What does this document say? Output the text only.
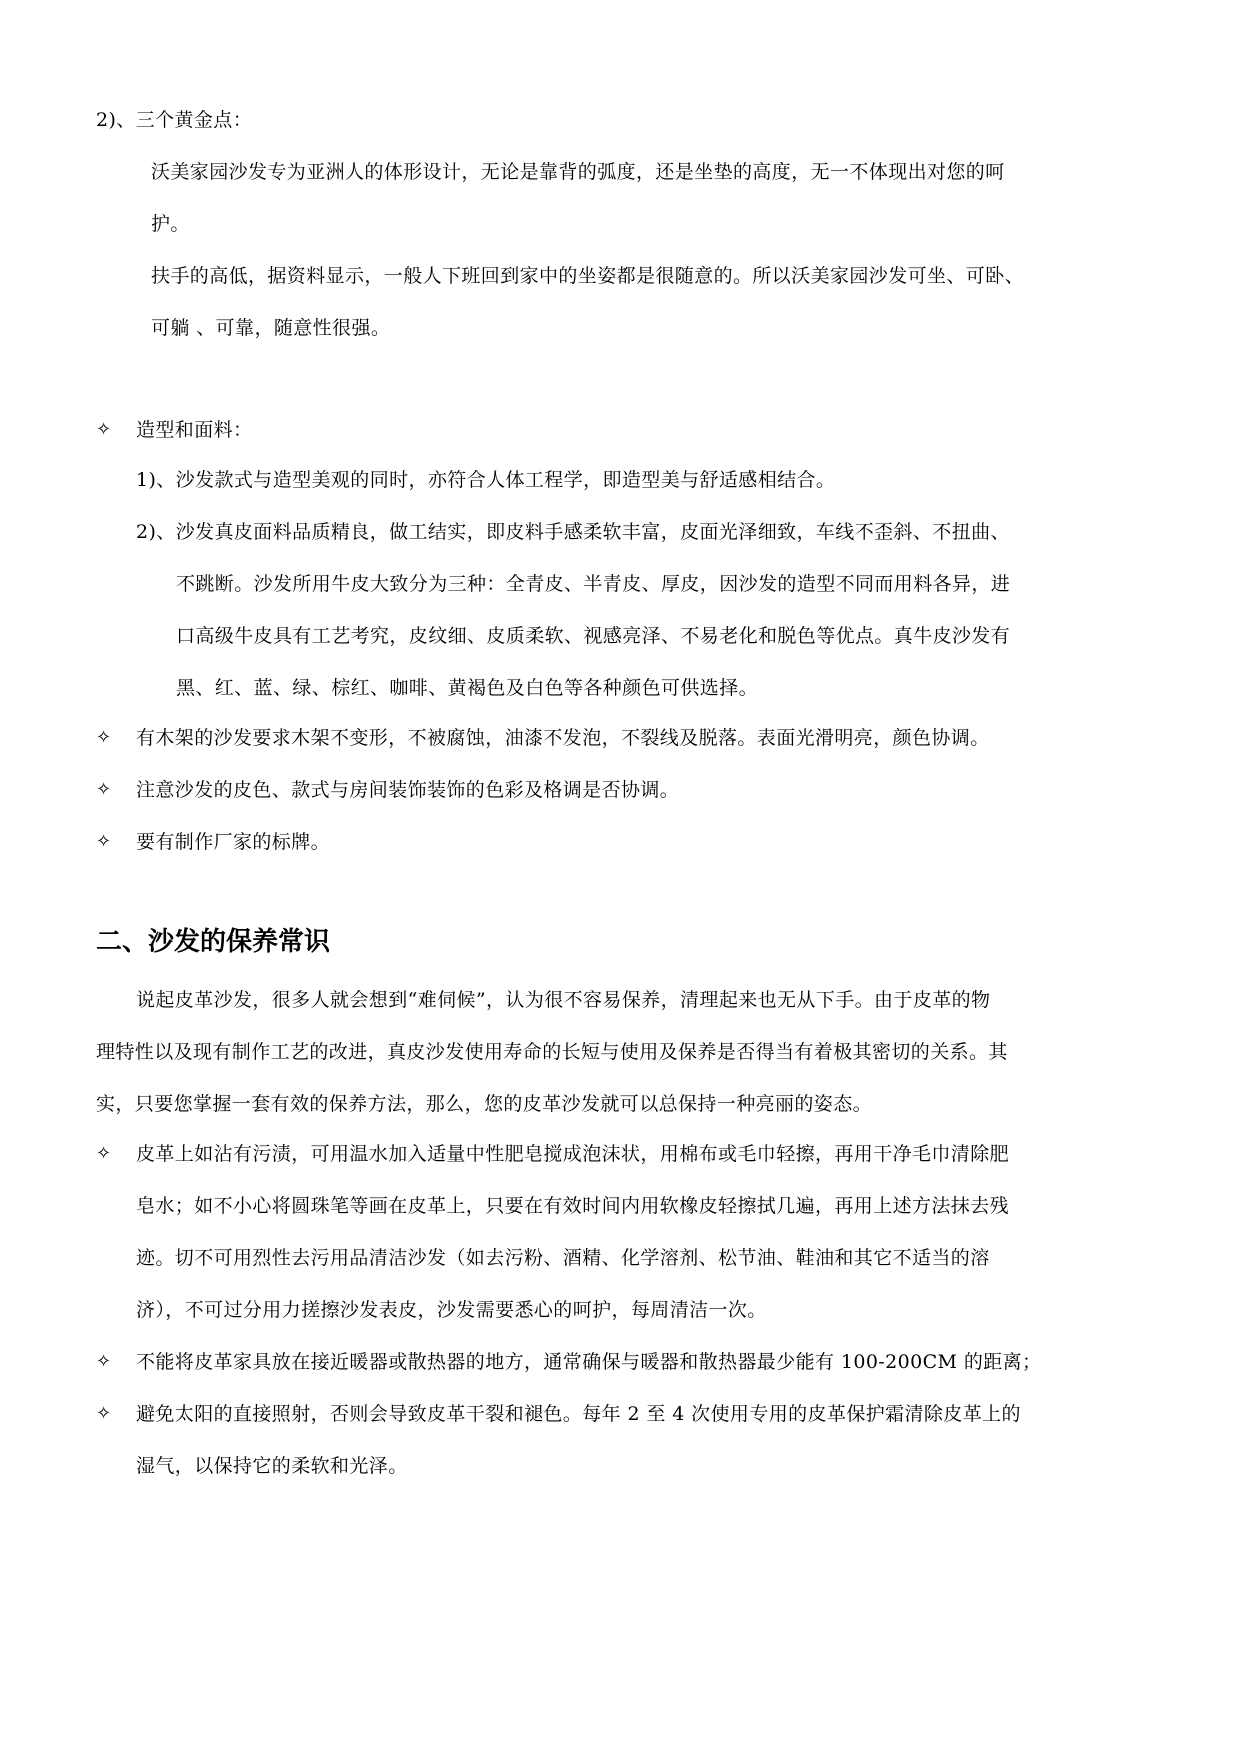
2)、三个黄金点：
沃美家园沙发专为亚洲人的体形设计，无论是靠背的弧度，还是坐垫的高度，无一不体现出对您的呵
护。
扶手的高低，据资料显示，一般人下班回到家中的坐姿都是很随意的。所以沃美家园沙发可坐、可卧、
可躺 、可靠，随意性很强。
✧ 造型和面料：
1)、沙发款式与造型美观的同时，亦符合人体工程学，即造型美与舒适感相结合。
2)、沙发真皮面料品质精良，做工结实，即皮料手感柔软丰富，皮面光泽细致，车线不歪斜、不扭曲、
不跳断。沙发所用牛皮大致分为三种：全青皮、半青皮、厚皮，因沙发的造型不同而用料各异，进
口高级牛皮具有工艺考究，皮纹细、皮质柔软、视感亮泽、不易老化和脱色等优点。真牛皮沙发有
黑、红、蓝、绿、棕红、咖啡、黄褐色及白色等各种颜色可供选择。
✧ 有木架的沙发要求木架不变形，不被腐蚀，油漆不发泡，不裂线及脱落。表面光滑明亮，颜色协调。
✧ 注意沙发的皮色、款式与房间装饰装饰的色彩及格调是否协调。
✧ 要有制作厂家的标牌。
二、沙发的保养常识
说起皮革沙发，很多人就会想到“难伺候”，认为很不容易保养，清理起来也无从下手。由于皮革的物
理特性以及现有制作工艺的改进，真皮沙发使用寿命的长短与使用及保养是否得当有着极其密切的关系。其
实，只要您掌握一套有效的保养方法，那么，您的皮革沙发就可以总保持一种亮丽的姿态。
✧ 皮革上如沾有污渍，可用温水加入适量中性肥皂搅成泡沫状，用棉布或毛巾轻擦，再用干净毛巾清除肥
皂水；如不小心将圆珠笔等画在皮革上，只要在有效时间内用软橡皮轻擦拭几遍，再用上述方法抹去残
迹。切不可用烈性去污用品清洁沙发（如去污粉、酒精、化学溶剂、松节油、鞋油和其它不适当的溶
济），不可过分用力搓擦沙发表皮，沙发需要悉心的呵护，每周清洁一次。
✧ 不能将皮革家具放在接近暖器或散热器的地方，通常确保与暖器和散热器最少能有 100-200CM 的距离；
✧ 避免太阳的直接照射，否则会导致皮革干裂和褪色。每年 2 至 4 次使用专用的皮革保护霜清除皮革上的
湿气，以保持它的柔软和光泽。
